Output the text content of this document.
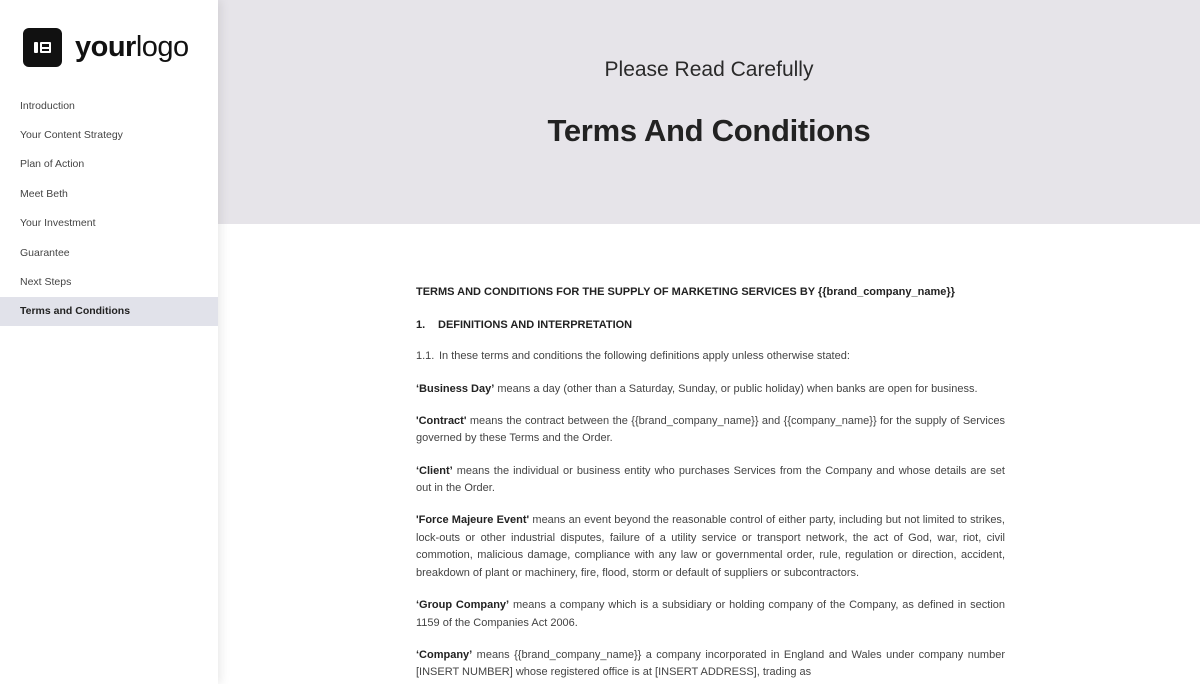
yourlogo
Introduction
Your Content Strategy
Plan of Action
Meet Beth
Your Investment
Guarantee
Next Steps
Terms and Conditions
Please Read Carefully
Terms And Conditions

TERMS AND CONDITIONS FOR THE SUPPLY OF MARKETING SERVICES BY {{brand_company_name}}

1. DEFINITIONS AND INTERPRETATION

1.1. In these terms and conditions the following definitions apply unless otherwise stated:

‘Business Day’ means a day (other than a Saturday, Sunday, or public holiday) when banks are open for business.

'Contract' means the contract between the {{brand_company_name}} and {{company_name}} for the supply of Services governed by these Terms and the Order.

‘Client’ means the individual or business entity who purchases Services from the Company and whose details are set out in the Order.

'Force Majeure Event' means an event beyond the reasonable control of either party, including but not limited to strikes, lock-outs or other industrial disputes, failure of a utility service or transport network, the act of God, war, riot, civil commotion, malicious damage, compliance with any law or governmental order, rule, regulation or direction, accident, breakdown of plant or machinery, fire, flood, storm or default of suppliers or subcontractors.

‘Group Company’ means a company which is a subsidiary or holding company of the Company, as defined in section 1159 of the Companies Act 2006.

‘Company’ means {{brand_company_name}} a company incorporated in England and Wales under company number [INSERT NUMBER] whose registered office is at [INSERT ADDRESS], trading as
